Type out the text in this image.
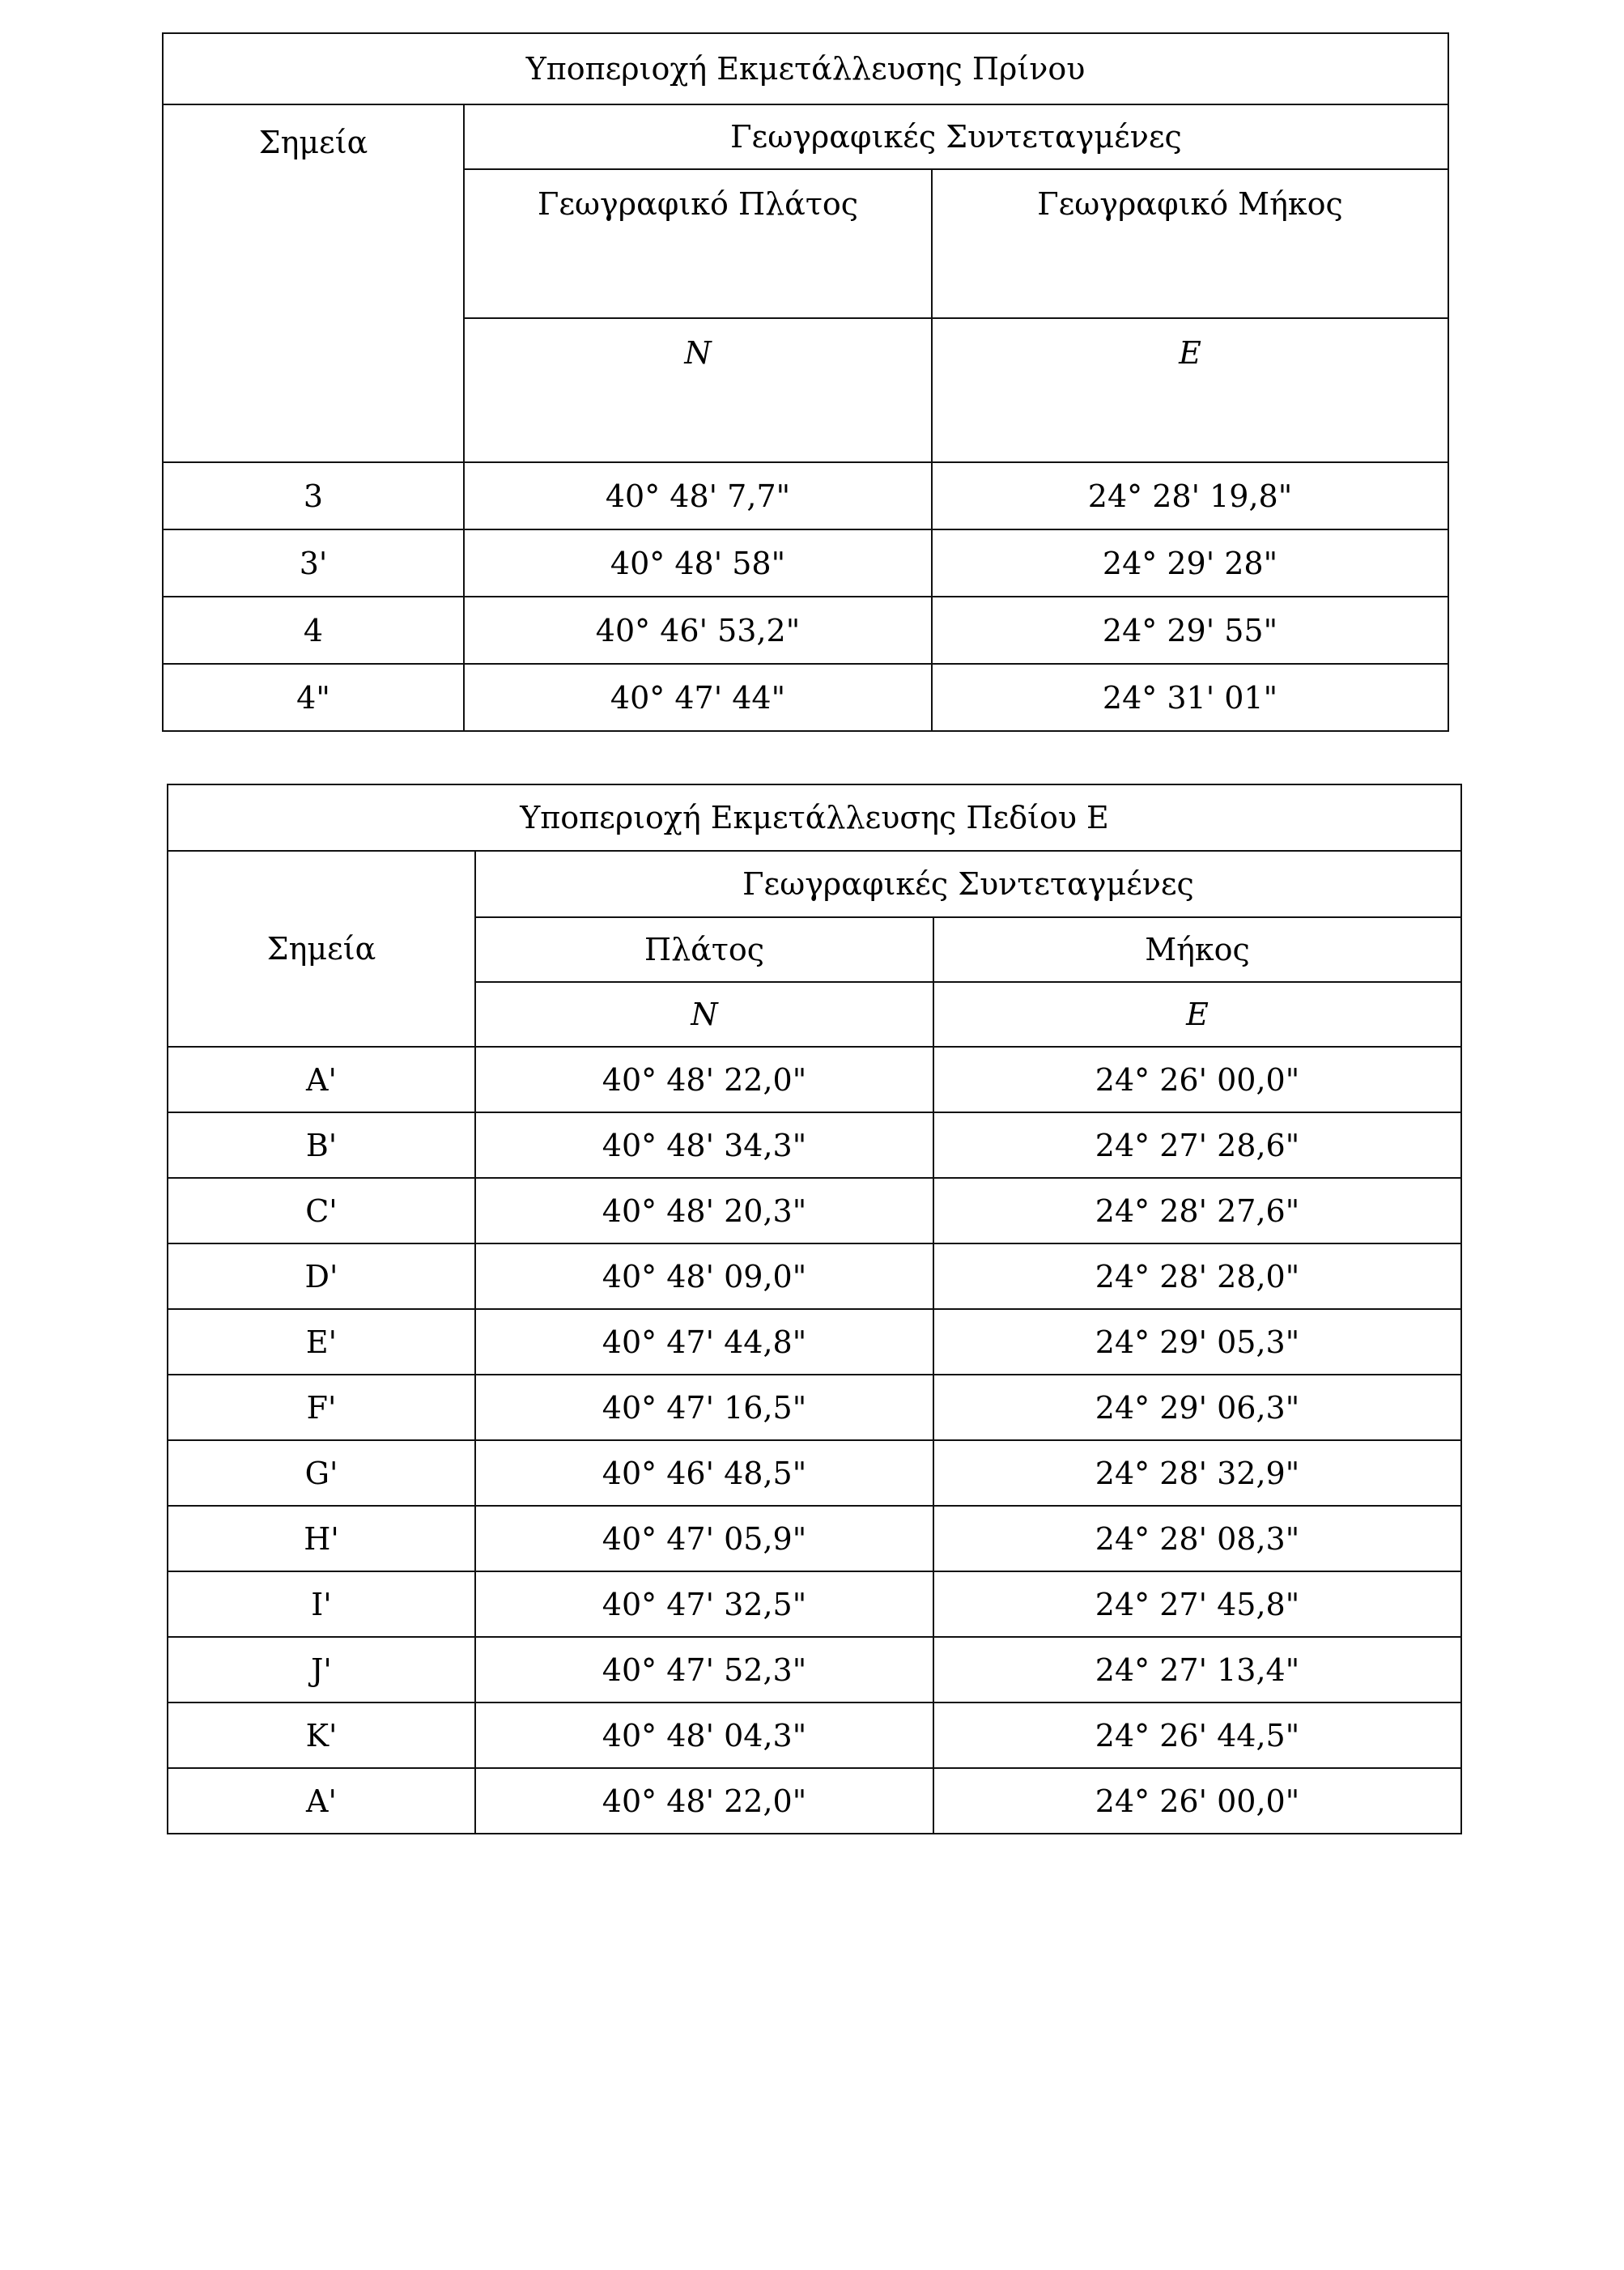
Υποπεριοχή Εκμετάλλευσης Πρίνου		
Σημεία	Γεωγραφικές Συντεταγμένες	
	Γεωγραφικό Πλάτος	Γεωγραφικό Μήκος
	N	E
3	40° 48' 7,7"	24° 28' 19,8"
3'	40° 48' 58"	24° 29' 28"
4	40° 46' 53,2"	24° 29' 55"
4"	40° 47' 44"	24° 31' 01"
Υποπεριοχή Εκμετάλλευσης Πεδίου Ε		
Σημεία	Γεωγραφικές Συντεταγμένες	
	Πλάτος	Μήκος
	N	E
A'	40° 48' 22,0"	24° 26' 00,0"
B'	40° 48' 34,3"	24° 27' 28,6"
C'	40° 48' 20,3"	24° 28' 27,6"
D'	40° 48' 09,0"	24° 28' 28,0"
E'	40° 47' 44,8"	24° 29' 05,3"
F'	40° 47' 16,5"	24° 29' 06,3"
G'	40° 46' 48,5"	24° 28' 32,9"
H'	40° 47' 05,9"	24° 28' 08,3"
I'	40° 47' 32,5"	24° 27' 45,8"
J'	40° 47' 52,3"	24° 27' 13,4"
K'	40° 48' 04,3"	24° 26' 44,5"
A'	40° 48' 22,0"	24° 26' 00,0"
